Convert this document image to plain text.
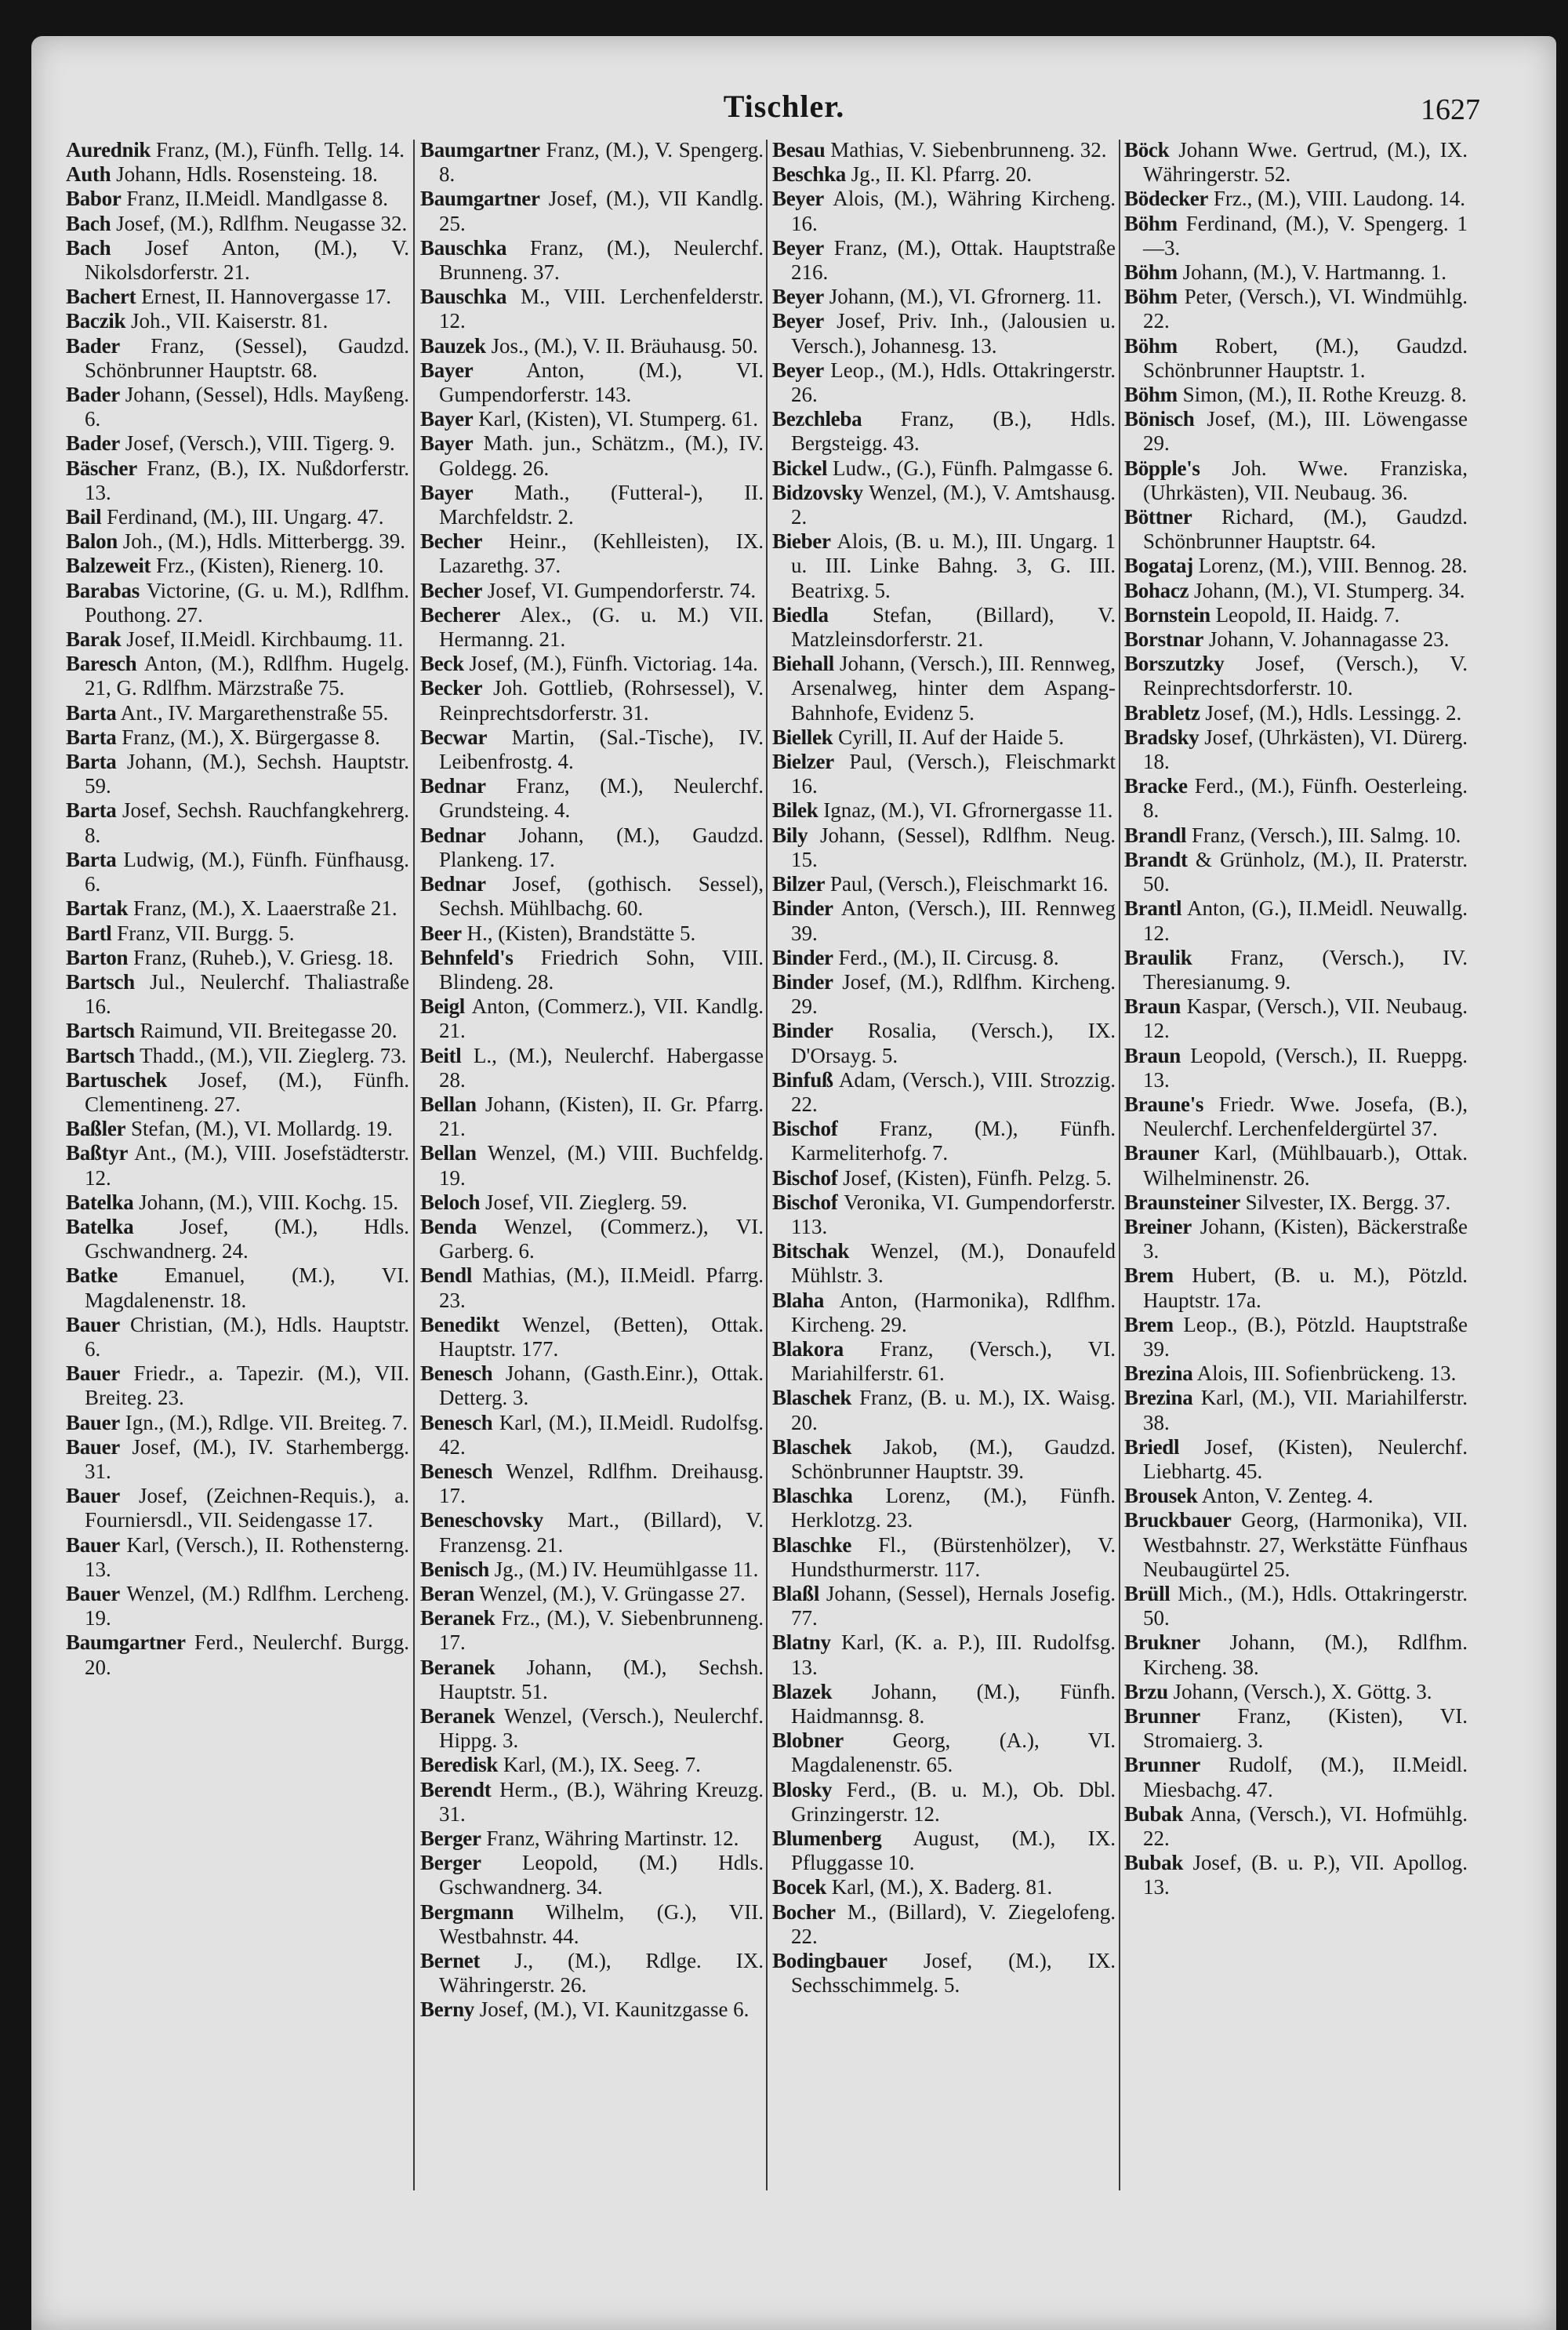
Tischler.	1627

Aurednik Franz, (M.), Fünfh. Tellg. 14.

Auth Johann, Hdls. Rosensteing. 18.

Babor Franz, II.Meidl. Mandlgasse 8.

Bach Josef, (M.), Rdlfhm. Neugasse 32.

Bach Josef Anton, (M.), V. Nikolsdorferstr. 21.

Bachert Ernest, II. Hannovergasse 17.

Baczik Joh., VII. Kaiserstr. 81.

Bader Franz, (Sessel), Gaudzd. Schönbrunner Hauptstr. 68.

Bader Johann, (Sessel), Hdls. Mayßeng. 6.

Bader Josef, (Versch.), VIII. Tigerg. 9.

Bäscher Franz, (B.), IX. Nußdorferstr. 13.

Bail Ferdinand, (M.), III. Ungarg. 47.

Balon Joh., (M.), Hdls. Mitterbergg. 39.

Balzeweit Frz., (Kisten), Rienerg. 10.

Barabas Victorine, (G. u. M.), Rdlfhm. Pouthong. 27.

Barak Josef, II.Meidl. Kirchbaumg. 11.

Baresch Anton, (M.), Rdlfhm. Hugelg. 21, G. Rdlfhm. Märzstraße 75.

Barta Ant., IV. Margarethenstraße 55.

Barta Franz, (M.), X. Bürgergasse 8.

Barta Johann, (M.), Sechsh. Hauptstr. 59.

Barta Josef, Sechsh. Rauchfangkehrerg. 8.

Barta Ludwig, (M.), Fünfh. Fünfhausg. 6.

Bartak Franz, (M.), X. Laaerstraße 21.

Bartl Franz, VII. Burgg. 5.

Barton Franz, (Ruheb.), V. Griesg. 18.

Bartsch Jul., Neulerchf. Thaliastraße 16.

Bartsch Raimund, VII. Breitegasse 20.

Bartsch Thadd., (M.), VII. Zieglerg. 73.

Bartuschek Josef, (M.), Fünfh. Clementineng. 27.

Baßler Stefan, (M.), VI. Mollardg. 19.

Baßtyr Ant., (M.), VIII. Josefstädterstr. 12.

Batelka Johann, (M.), VIII. Kochg. 15.

Batelka Josef, (M.), Hdls. Gschwandnerg. 24.

Batke Emanuel, (M.), VI. Magdalenenstr. 18.

Bauer Christian, (M.), Hdls. Hauptstr. 6.

Bauer Friedr., a. Tapezir. (M.), VII. Breiteg. 23.

Bauer Ign., (M.), Rdlge. VII. Breiteg. 7.

Bauer Josef, (M.), IV. Starhembergg. 31.

Bauer Josef, (Zeichnen-Requis.), a. Fourniersdl., VII. Seidengasse 17.

Bauer Karl, (Versch.), II. Rothensterng. 13.

Bauer Wenzel, (M.) Rdlfhm. Lercheng. 19.

Baumgartner Ferd., Neulerchf. Burgg. 20.

Baumgartner Franz, (M.), V. Spengerg. 8.

Baumgartner Josef, (M.), VII Kandlg. 25.

Bauschka Franz, (M.), Neulerchf. Brunneng. 37.

Bauschka M., VIII. Lerchenfelderstr. 12.

Bauzek Jos., (M.), V. II. Bräuhausg. 50.

Bayer	Anton, (M.), VI. Gumpendorferstr. 143.

Bayer Karl, (Kisten), VI. Stumperg. 61.

Bayer Math. jun., Schätzm., (M.), IV. Goldegg. 26.

Bayer Math., (Futteral-), II. Marchfeldstr. 2.

Becher Heinr., (Kehlleisten), IX. Lazarethg. 37.

Becher Josef, VI. Gumpendorferstr. 74.

Becherer Alex., (G. u. M.) VII. Hermanng. 21.

Beck Josef, (M.), Fünfh. Victoriag. 14a.

Becker Joh. Gottlieb, (Rohrsessel), V. Reinprechtsdorferstr. 31.

Becwar Martin, (Sal.-Tische), IV. Leibenfrostg. 4.

Bednar Franz, (M.), Neulerchf. Grundsteing. 4.

Bednar Johann, (M.), Gaudzd. Plankeng. 17.

Bednar Josef, (gothisch. Sessel), Sechsh. Mühlbachg. 60.

Beer H., (Kisten), Brandstätte 5.

Behnfeld's Friedrich Sohn, VIII. Blindeng. 28.

Beigl Anton, (Commerz.), VII. Kandlg. 21.

Beitl L., (M.), Neulerchf. Habergasse 28.

Bellan Johann, (Kisten), II. Gr. Pfarrg. 21.

Bellan Wenzel, (M.) VIII. Buchfeldg. 19.

Beloch Josef, VII. Zieglerg. 59.

Benda Wenzel, (Commerz.), VI. Garberg. 6.

Bendl Mathias, (M.), II.Meidl. Pfarrg. 23.

Benedikt Wenzel, (Betten), Ottak. Hauptstr. 177.

Benesch Johann, (Gasth.Einr.), Ottak. Detterg. 3.

Benesch Karl, (M.), II.Meidl. Rudolfsg. 42.

Benesch Wenzel, Rdlfhm. Dreihausg. 17.

Beneschovsky Mart., (Billard), V. Franzensg. 21.

Benisch Jg., (M.) IV. Heumühlgasse 11.

Beran Wenzel, (M.), V. Grüngasse 27.

Beranek Frz., (M.), V. Siebenbrunneng. 17.

Beranek Johann, (M.), Sechsh. Hauptstr. 51.

Beranek Wenzel, (Versch.), Neulerchf. Hippg. 3.

Beredisk Karl, (M.), IX. Seeg. 7.

Berendt Herm., (B.), Währing Kreuzg. 31.

Berger Franz, Währing Martinstr. 12.

Berger Leopold, (M.) Hdls. Gschwandnerg. 34.

Bergmann Wilhelm, (G.), VII. Westbahnstr. 44.

Bernet J., (M.), Rdlge. IX. Währingerstr. 26.

Berny Josef, (M.), VI. Kaunitzgasse 6.

Besau Mathias, V. Siebenbrunneng. 32.

Beschka Jg., II. Kl. Pfarrg. 20.

Beyer Alois, (M.), Währing Kircheng. 16.

Beyer Franz, (M.), Ottak. Hauptstraße 216.

Beyer Johann, (M.), VI. Gfrornerg. 11.

Beyer Josef, Priv. Inh., (Jalousien u. Versch.), Johannesg. 13.

Beyer Leop., (M.), Hdls. Ottakringerstr. 26.

Bezchleba Franz, (B.), Hdls. Bergsteigg. 43.

Bickel Ludw., (G.), Fünfh. Palmgasse 6.

Bidzovsky Wenzel, (M.), V. Amtshausg. 2.

Bieber Alois, (B. u. M.), III. Ungarg. 1 u. III. Linke Bahng. 3, G. III. Beatrixg. 5.

Biedla Stefan, (Billard), V. Matzleinsdorferstr. 21.

Biehall Johann, (Versch.), III. Rennweg, Arsenalweg, hinter dem Aspang-Bahnhofe, Evidenz 5.

Biellek Cyrill, II. Auf der Haide 5.

Bielzer Paul, (Versch.), Fleischmarkt 16.

Bilek Ignaz, (M.), VI. Gfrornergasse 11.

Bily Johann, (Sessel), Rdlfhm. Neug. 15.

Bilzer Paul, (Versch.), Fleischmarkt 16.

Binder Anton, (Versch.), III. Rennweg 39.

Binder Ferd., (M.), II. Circusg. 8.

Binder Josef, (M.), Rdlfhm. Kircheng. 29.

Binder Rosalia, (Versch.), IX. D'Orsayg. 5.

Binfuß Adam, (Versch.), VIII. Strozzig. 22.

Bischof Franz, (M.), Fünfh. Karmeliterhofg. 7.

Bischof Josef, (Kisten), Fünfh. Pelzg. 5.

Bischof Veronika, VI. Gumpendorferstr. 113.

Bitschak Wenzel, (M.), Donaufeld Mühlstr. 3.

Blaha Anton, (Harmonika), Rdlfhm. Kircheng. 29.

Blakora Franz, (Versch.), VI. Mariahilferstr. 61.

Blaschek Franz, (B. u. M.), IX. Waisg. 20.

Blaschek Jakob, (M.), Gaudzd. Schönbrunner Hauptstr. 39.

Blaschka Lorenz, (M.), Fünfh. Herklotzg. 23.

Blaschke Fl., (Bürstenhölzer), V. Hundsthurmerstr. 117.

Blaßl Johann, (Sessel), Hernals Josefig. 77.

Blatny Karl, (K. a. P.), III. Rudolfsg. 13.

Blazek Johann, (M.), Fünfh. Haidmannsg. 8.

Blobner Georg, (A.), VI. Magdalenenstr. 65.

Blosky Ferd., (B. u. M.), Ob. Dbl. Grinzingerstr. 12.

Blumenberg August, (M.), IX. Pfluggasse 10.

Bocek Karl, (M.), X. Baderg. 81.

Bocher M., (Billard), V. Ziegelofeng. 22.

Bodingbauer Josef, (M.), IX. Sechsschimmelg. 5.

Böck Johann Wwe. Gertrud, (M.), IX. Währingerstr. 52.

Bödecker Frz., (M.), VIII. Laudong. 14.

Böhm Ferdinand, (M.), V. Spengerg. 1—3.

Böhm Johann, (M.), V. Hartmanng. 1.

Böhm Peter, (Versch.), VI. Windmühlg. 22.

Böhm Robert, (M.), Gaudzd. Schönbrunner Hauptstr. 1.

Böhm Simon, (M.), II. Rothe Kreuzg. 8.

Bönisch Josef, (M.), III. Löwengasse 29.

Böpple's Joh. Wwe. Franziska, (Uhrkästen), VII. Neubaug. 36.

Böttner Richard, (M.), Gaudzd. Schönbrunner Hauptstr. 64.

Bogataj Lorenz, (M.), VIII. Bennog. 28.

Bohacz Johann, (M.), VI. Stumperg. 34.

Bornstein Leopold, II. Haidg. 7.

Borstnar Johann, V. Johannagasse 23.

Borszutzky Josef, (Versch.), V. Reinprechtsdorferstr. 10.

Brabletz Josef, (M.), Hdls. Lessingg. 2.

Bradsky Josef, (Uhrkästen), VI. Dürerg. 18.

Bracke Ferd., (M.), Fünfh. Oesterleing. 8.

Brandl Franz, (Versch.), III. Salmg. 10.

Brandt & Grünholz, (M.), II. Praterstr. 50.

Brantl Anton, (G.), II.Meidl. Neuwallg. 12.

Braulik Franz, (Versch.), IV. Theresianumg. 9.

Braun Kaspar, (Versch.), VII. Neubaug. 12.

Braun Leopold, (Versch.), II. Rueppg. 13.

Braune's Friedr. Wwe. Josefa, (B.), Neulerchf. Lerchenfeldergürtel 37.

Brauner Karl, (Mühlbauarb.), Ottak. Wilhelminenstr. 26.

Braunsteiner Silvester, IX. Bergg. 37.

Breiner Johann, (Kisten), Bäckerstraße 3.

Brem Hubert, (B. u. M.), Pötzld. Hauptstr. 17a.

Brem Leop., (B.), Pötzld. Hauptstraße 39.

Brezina Alois, III. Sofienbrückeng. 13.

Brezina Karl, (M.), VII. Mariahilferstr. 38.

Briedl Josef, (Kisten), Neulerchf. Liebhartg. 45.

Brousek Anton, V. Zenteg. 4.

Bruckbauer Georg, (Harmonika), VII. Westbahnstr. 27, Werkstätte Fünfhaus Neubaugürtel 25.

Brüll Mich., (M.), Hdls. Ottakringerstr. 50.

Brukner Johann, (M.), Rdlfhm. Kircheng. 38.

Brzu Johann, (Versch.), X. Göttg. 3.

Brunner Franz, (Kisten), VI. Stromaierg. 3.

Brunner Rudolf, (M.), II.Meidl. Miesbachg. 47.

Bubak Anna, (Versch.), VI. Hofmühlg. 22.

Bubak Josef, (B. u. P.), VII. Apollog. 13.
